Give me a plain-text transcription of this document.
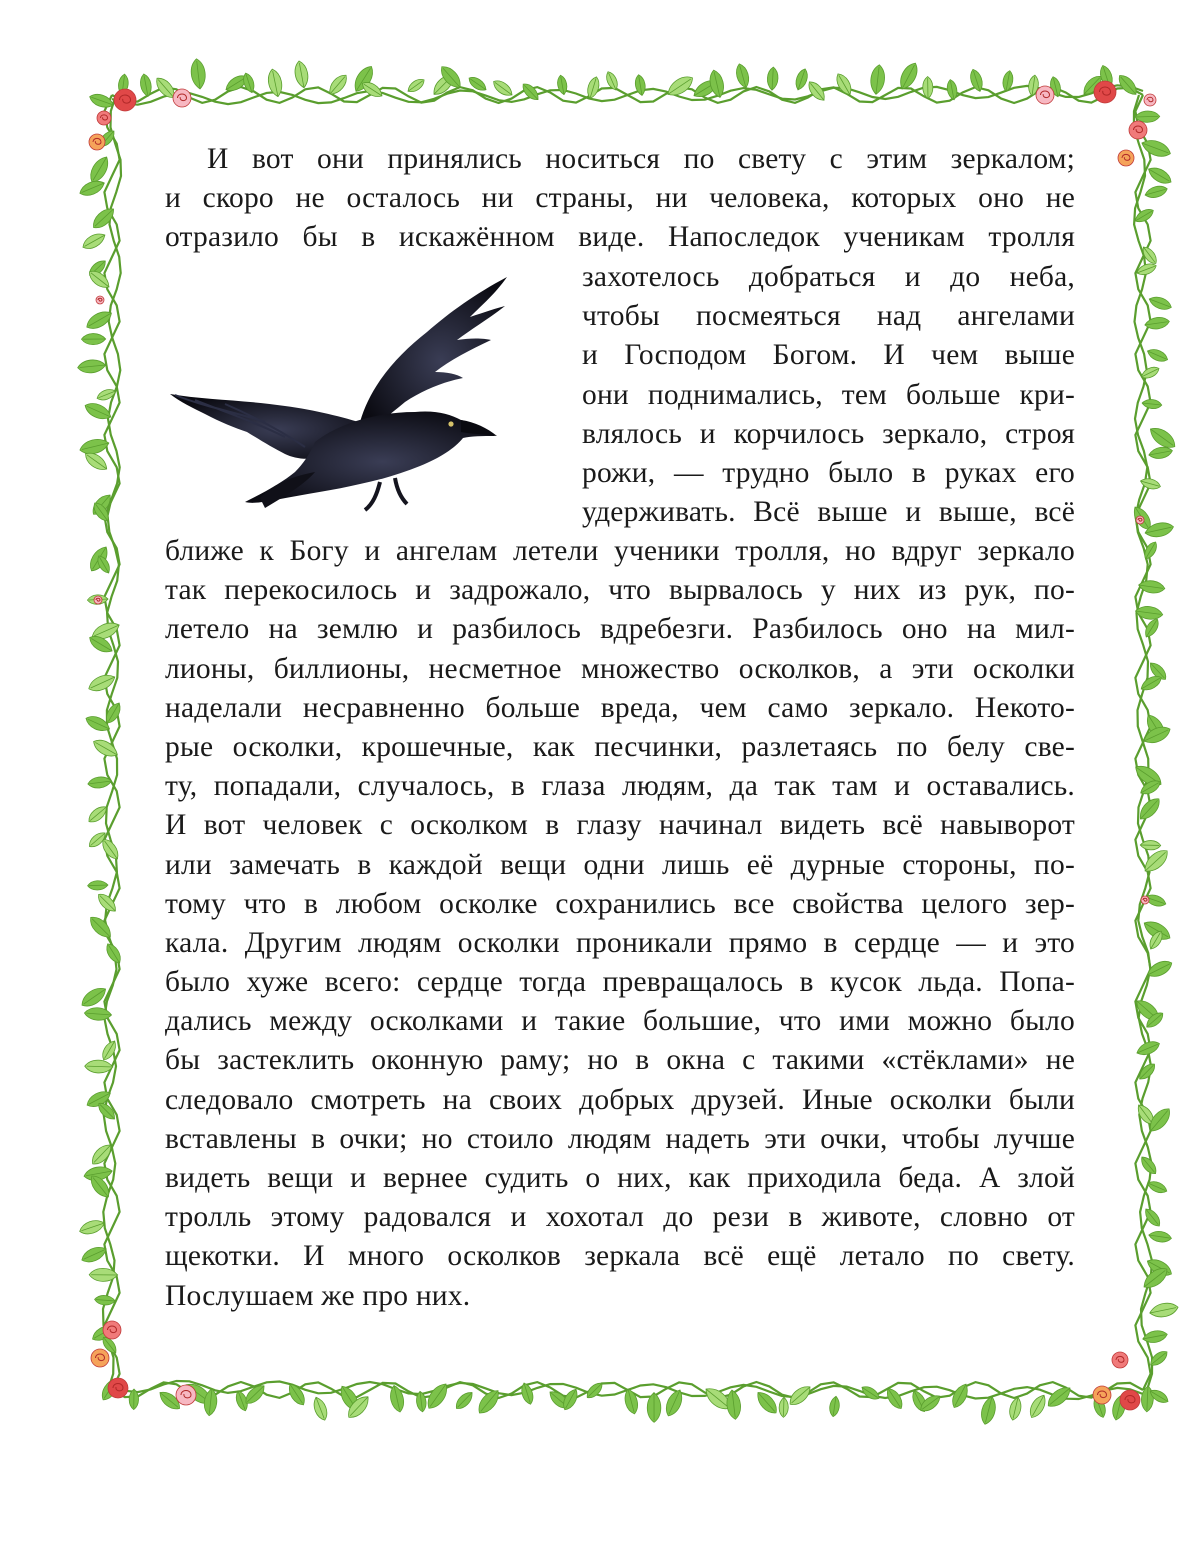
И вот они принялись носиться по свету с этим зеркалом;
и скоро не осталось ни страны, ни человека, которых оно не
отразило бы в искажённом виде. Напоследок ученикам тролля
захотелось добраться и до неба,
чтобы посмеяться над ангелами
и Господом Богом. И чем выше
они поднимались, тем больше кри-
влялось и корчилось зеркало, строя
рожи, — трудно было в руках его
удерживать. Всё выше и выше, всё
ближе к Богу и ангелам летели ученики тролля, но вдруг зеркало
так перекосилось и задрожало, что вырвалось у них из рук, по-
летело на землю и разбилось вдребезги. Разбилось оно на мил-
лионы, биллионы, несметное множество осколков, а эти осколки
наделали несравненно больше вреда, чем само зеркало. Некото-
рые осколки, крошечные, как песчинки, разлетаясь по белу све-
ту, попадали, случалось, в глаза людям, да так там и оставались.
И вот человек с осколком в глазу начинал видеть всё навыворот
или замечать в каждой вещи одни лишь её дурные стороны, по-
тому что в любом осколке сохранились все свойства целого зер-
кала. Другим людям осколки проникали прямо в сердце — и это
было хуже всего: сердце тогда превращалось в кусок льда. Попа-
дались между осколками и такие большие, что ими можно было
бы застеклить оконную раму; но в окна с такими «стёклами» не
следовало смотреть на своих добрых друзей. Иные осколки были
вставлены в очки; но стоило людям надеть эти очки, чтобы лучше
видеть вещи и вернее судить о них, как приходила беда. А злой
тролль этому радовался и хохотал до рези в животе, словно от
щекотки. И много осколков зеркала всё ещё летало по свету.
Послушаем же про них.
